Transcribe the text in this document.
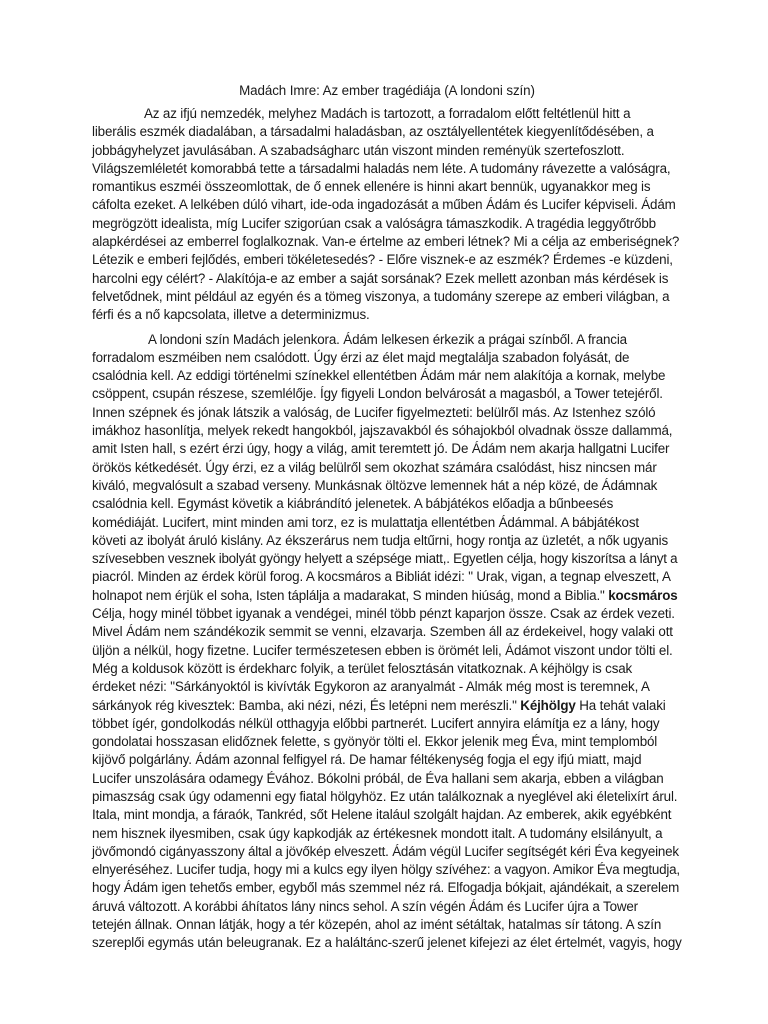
Madách Imre: Az ember tragédiája (A londoni szín)

Az az ifjú nemzedék, melyhez Madách is tartozott, a forradalom előtt feltétlenül hitt a
liberális eszmék diadalában, a társadalmi haladásban, az osztályellentétek kiegyenlítődésében, a
jobbágyhelyzet javulásában. A szabadságharc után viszont minden reményük szertefoszlott.
Világszemléletét komorabbá tette a társadalmi haladás nem léte. A tudomány rávezette a valóságra,
romantikus eszméi összeomlottak, de ő ennek ellenére is hinni akart bennük, ugyanakkor meg is
cáfolta ezeket. A lelkében dúló vihart, ide-oda ingadozását a műben Ádám és Lucifer képviseli. Ádám
megrögzött idealista, míg Lucifer szigorúan csak a valóságra támaszkodik. A tragédia leggyőtrőbb
alapkérdései az emberrel foglalkoznak. Van-e értelme az emberi létnek? Mi a célja az emberiségnek?
Létezik e emberi fejlődés, emberi tökéletesedés? - Előre visznek-e az eszmék? Érdemes -e küzdeni,
harcolni egy célért? - Alakítója-e az ember a saját sorsának? Ezek mellett azonban más kérdések is
felvetődnek, mint például az egyén és a tömeg viszonya, a tudomány szerepe az emberi világban, a
férfi és a nő kapcsolata, illetve a determinizmus.

A londoni szín Madách jelenkora. Ádám lelkesen érkezik a prágai színből. A francia
forradalom eszméiben nem csalódott. Úgy érzi az élet majd megtalálja szabadon folyását, de
csalódnia kell. Az eddigi történelmi színekkel ellentétben Ádám már nem alakítója a kornak, melybe
csöppent, csupán részese, szemlélője. Így figyeli London belvárosát a magasból, a Tower tetejéről.
Innen szépnek és jónak látszik a valóság, de Lucifer figyelmezteti: belülről más. Az Istenhez szóló
imákhoz hasonlítja, melyek rekedt hangokból, jajszavakból és sóhajokból olvadnak össze dallammá,
amit Isten hall, s ezért érzi úgy, hogy a világ, amit teremtett jó. De Ádám nem akarja hallgatni Lucifer
örökös kétkedését. Úgy érzi, ez a világ belülről sem okozhat számára csalódást, hisz nincsen már
kiváló, megvalósult a szabad verseny. Munkásnak öltözve lemennek hát a nép közé, de Ádámnak
csalódnia kell. Egymást követik a kiábrándító jelenetek. A bábjátékos előadja a bűnbeesés
komédiáját. Lucifert, mint minden ami torz, ez is mulattatja ellentétben Ádámmal. A bábjátékost
követi az ibolyát áruló kislány. Az ékszerárus nem tudja eltűrni, hogy rontja az üzletét, a nők ugyanis
szívesebben vesznek ibolyát gyöngy helyett a szépsége miatt,. Egyetlen célja, hogy kiszorítsa a lányt a
piacról. Minden az érdek körül forog. A kocsmáros a Bibliát idézi: " Urak, vigan, a tegnap elveszett, A
holnapot nem érjük el soha, Isten táplálja a madarakat, S minden hiúság, mond a Biblia." kocsmáros
Célja, hogy minél többet igyanak a vendégei, minél több pénzt kaparjon össze. Csak az érdek vezeti.
Mivel Ádám nem szándékozik semmit se venni, elzavarja. Szemben áll az érdekeivel, hogy valaki ott
üljön a nélkül, hogy fizetne. Lucifer természetesen ebben is örömét leli, Ádámot viszont undor tölti el.
Még a koldusok között is érdekharc folyik, a terület felosztásán vitatkoznak. A kéjhölgy is csak
érdeket nézi: "Sárkányoktól is kivívták Egykoron az aranyalmát - Almák még most is teremnek, A
sárkányok rég kivesztek: Bamba, aki nézi, nézi, És letépni nem merészli." Kéjhölgy Ha tehát valaki
többet ígér, gondolkodás nélkül otthagyja előbbi partnerét. Lucifert annyira elámítja ez a lány, hogy
gondolatai hosszasan elidőznek felette, s gyönyör tölti el. Ekkor jelenik meg Éva, mint templomból
kijövő polgárlány. Ádám azonnal felfigyel rá. De hamar féltékenység fogja el egy ifjú miatt, majd
Lucifer unszolására odamegy Évához. Bókolni próbál, de Éva hallani sem akarja, ebben a világban
pimaszság csak úgy odamenni egy fiatal hölgyhöz. Ez után találkoznak a nyeglével aki életelixírt árul.
Itala, mint mondja, a fáraók, Tankréd, sőt Helene italául szolgált hajdan. Az emberek, akik egyébként
nem hisznek ilyesmiben, csak úgy kapkodják az értékesnek mondott italt. A tudomány elsilányult, a
jövőmondó cigányasszony által a jövőkép elveszett. Ádám végül Lucifer segítségét kéri Éva kegyeinek
elnyeréséhez. Lucifer tudja, hogy mi a kulcs egy ilyen hölgy szívéhez: a vagyon. Amikor Éva megtudja,
hogy Ádám igen tehetős ember, egyből más szemmel néz rá. Elfogadja bókjait, ajándékait, a szerelem
áruvá változott. A korábbi áhítatos lány nincs sehol. A szín végén Ádám és Lucifer újra a Tower
tetején állnak. Onnan látják, hogy a tér közepén, ahol az imént sétáltak, hatalmas sír tátong. A szín
szereplői egymás után beleugranak. Ez a haláltánc-szerű jelenet kifejezi az élet értelmét, vagyis, hogy
